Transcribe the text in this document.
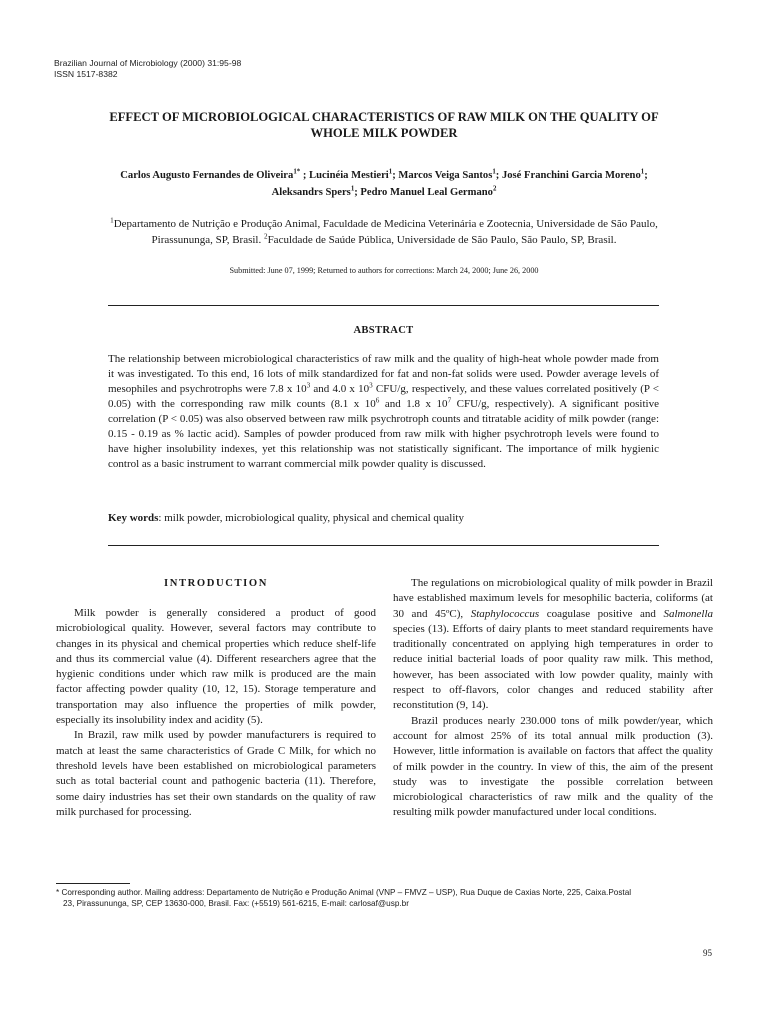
Brazilian Journal of Microbiology (2000) 31:95-98
ISSN 1517-8382
EFFECT OF MICROBIOLOGICAL CHARACTERISTICS OF RAW MILK ON THE QUALITY OF
WHOLE MILK POWDER
Carlos Augusto Fernandes de Oliveira$^{1*}$ ; Lucinéia Mestieri$^1$; Marcos Veiga Santos$^1$; José Franchini Garcia Moreno$^1$;
Aleksandrs Spers$^1$; Pedro Manuel Leal Germano$^2$
$^1$Departamento de Nutrição e Produção Animal, Faculdade de Medicina Veterinária e Zootecnia, Universidade de São Paulo,
Pirassununga, SP, Brasil. $^2$Faculdade de Saúde Pública, Universidade de São Paulo, São Paulo, SP, Brasil.
Submitted: June 07, 1999; Returned to authors for corrections: March 24, 2000; June 26, 2000
ABSTRACT
The relationship between microbiological characteristics of raw milk and the quality of high-heat whole powder made from it was investigated. To this end, 16 lots of milk standardized for fat and non-fat solids were used. Powder average levels of mesophiles and psychrotrophs were 7.8 x $10^3$ and 4.0 x $10^3$ CFU/g, respectively, and these values correlated positively (P < 0.05) with the corresponding raw milk counts (8.1 x $10^6$ and 1.8 x $10^7$ CFU/g, respectively). A significant positive correlation (P < 0.05) was also observed between raw milk psychrotroph counts and titratable acidity of milk powder (range: 0.15 - 0.19 as % lactic acid). Samples of powder produced from raw milk with higher psychrotroph levels were found to have higher insolubility indexes, yet this relationship was not statistically significant. The importance of milk hygienic control as a basic instrument to warrant commercial milk powder quality is discussed.
Key words: milk powder, microbiological quality, physical and chemical quality
INTRODUCTION

Milk powder is generally considered a product of good microbiological quality. However, several factors may contribute to changes in its physical and chemical properties which reduce shelf-life and thus its commercial value (4). Different researchers agree that the hygienic conditions under which raw milk is produced are the main factor affecting powder quality (10, 12, 15). Storage temperature and transportation may also influence the properties of milk powder, especially its insolubility index and acidity (5).

In Brazil, raw milk used by powder manufacturers is required to match at least the same characteristics of Grade C Milk, for which no threshold levels have been established on microbiological parameters such as total bacterial count and pathogenic bacteria (11). Therefore, some dairy industries has set their own standards on the quality of raw milk purchased for processing.

The regulations on microbiological quality of milk powder in Brazil have established maximum levels for mesophilic bacteria, coliforms (at 30 and 45ºC), Staphylococcus coagulase positive and Salmonella species (13). Efforts of dairy plants to meet standard requirements have traditionally concentrated on applying high temperatures in order to reduce initial bacterial loads of poor quality raw milk. This method, however, has been associated with low powder quality, mainly with respect to off-flavors, color changes and reduced stability after reconstitution (9, 14).

Brazil produces nearly 230.000 tons of milk powder/year, which account for almost 25% of its total annual milk production (3). However, little information is available on factors that affect the quality of milk powder in the country. In view of this, the aim of the present study was to investigate the possible correlation between microbiological characteristics of raw milk and the quality of the resulting milk powder manufactured under local conditions.

* Corresponding author. Mailing address: Departamento de Nutrição e Produção Animal (VNP – FMVZ – USP), Rua Duque de Caxias Norte, 225, Caixa.Postal
23, Pirassununga, SP, CEP 13630-000, Brasil. Fax: (+5519) 561-6215, E-mail: carlosaf@usp.br
95
